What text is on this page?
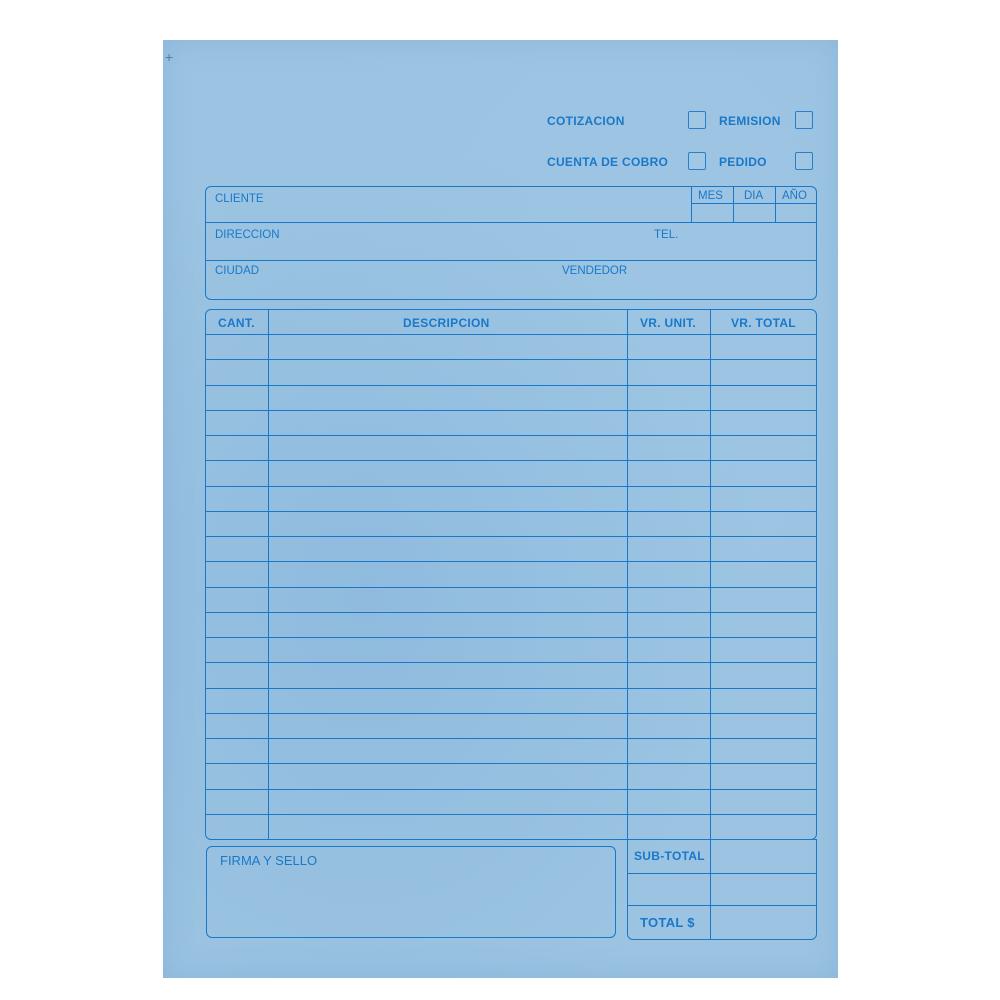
+
COTIZACION	REMISION
CUENTA DE COBRO	PEDIDO
CLIENTE	MES DIA AÑO
DIRECCION	TEL.
CIUDAD	VENDEDOR
CANT.	DESCRIPCION	VR. UNIT.	VR. TOTAL
FIRMA Y SELLO	SUB-TOTAL
TOTAL $
